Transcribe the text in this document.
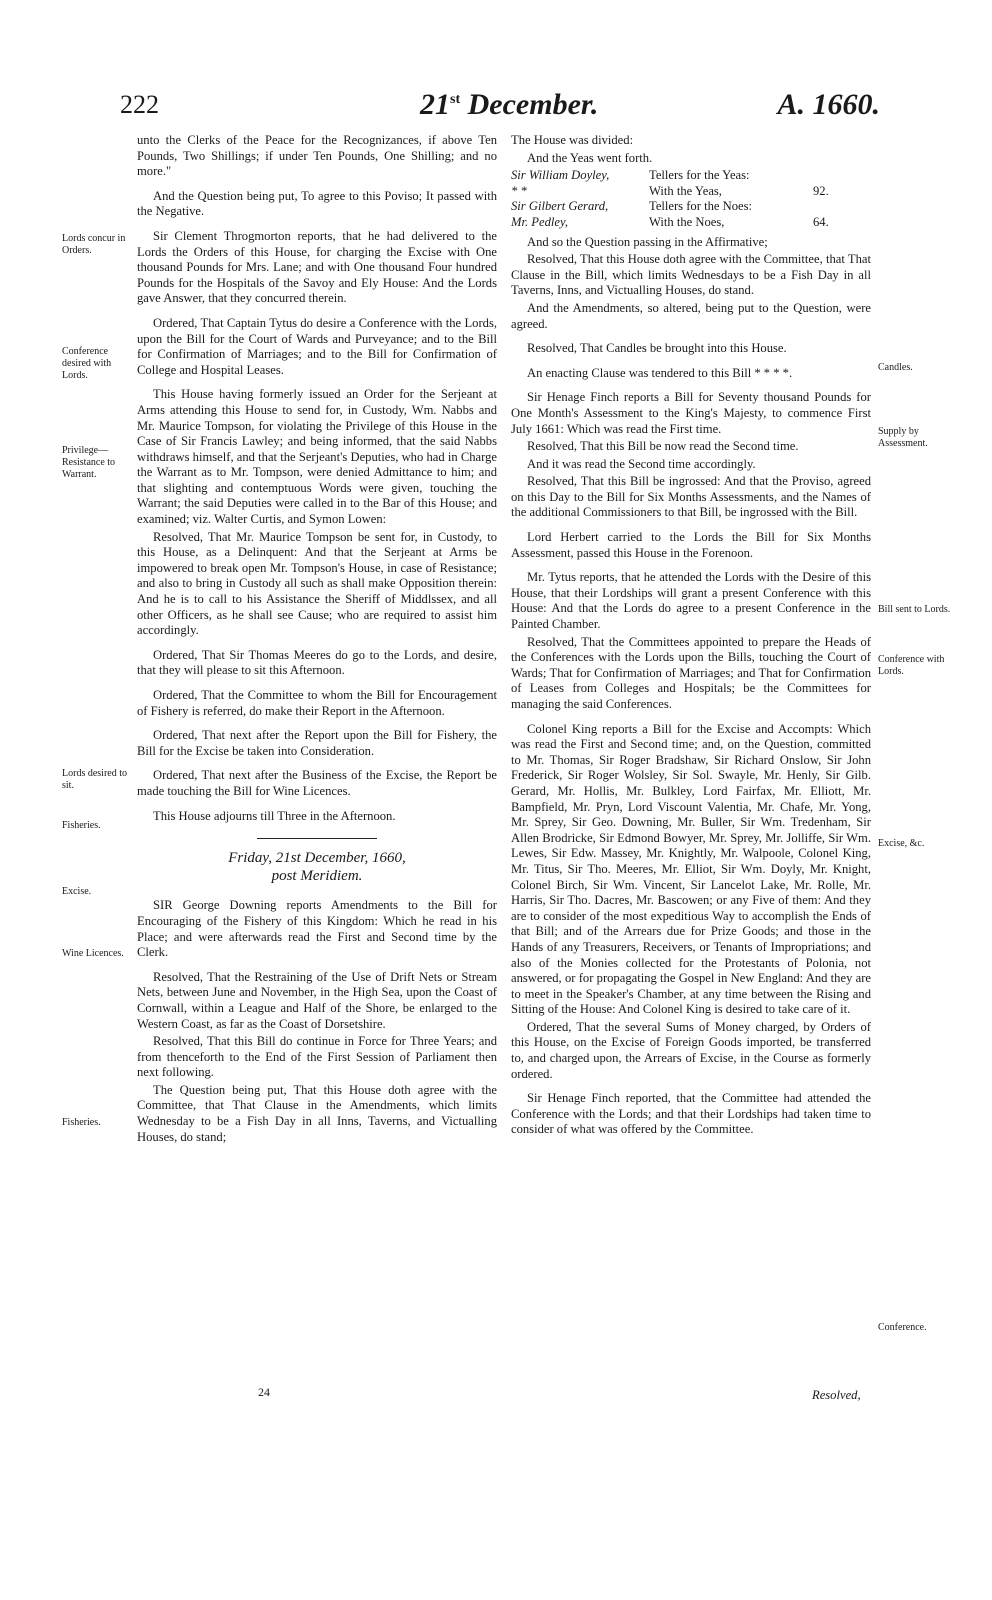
222	21st December.	A. 1660.
Lords concur in Orders.
Conference desired with Lords.
Privilege—Resistance to Warrant.
Lords desired to sit.
Fisheries.
Excise.
Wine Licences.
Fisheries.
Candles.
Supply by Assessment.
Bill sent to Lords.
Conference with Lords.
Excise, &c.
Conference.

unto the Clerks of the Peace for the Recognizances, if above Ten Pounds, Two Shillings; if under Ten Pounds, One Shilling; and no more."

And the Question being put, To agree to this Poviso; It passed with the Negative.

Sir Clement Throgmorton reports, that he had delivered to the Lords the Orders of this House, for charging the Excise with One thousand Pounds for Mrs. Lane; and with One thousand Four hundred Pounds for the Hospitals of the Savoy and Ely House: And the Lords gave Answer, that they concurred therein.

Ordered, That Captain Tytus do desire a Conference with the Lords, upon the Bill for the Court of Wards and Purveyance; and to the Bill for Confirmation of Marriages; and to the Bill for Confirmation of College and Hospital Leases.

This House having formerly issued an Order for the Serjeant at Arms attending this House to send for, in Custody, Wm. Nabbs and Mr. Maurice Tompson, for violating the Privilege of this House in the Case of Sir Francis Lawley; and being informed, that the said Nabbs withdraws himself, and that the Serjeant's Deputies, who had in Charge the Warrant as to Mr. Tompson, were denied Admittance to him; and that slighting and contemptuous Words were given, touching the Warrant; the said Deputies were called in to the Bar of this House; and examined; viz. Walter Curtis, and Symon Lowen:

Resolved, That Mr. Maurice Tompson be sent for, in Custody, to this House, as a Delinquent: And that the Serjeant at Arms be impowered to break open Mr. Tompson's House, in case of Resistance; and also to bring in Custody all such as shall make Opposition therein: And he is to call to his Assistance the Sheriff of Middlssex, and all other Officers, as he shall see Cause; who are required to assist him accordingly.

Ordered, That Sir Thomas Meeres do go to the Lords, and desire, that they will please to sit this Afternoon.

Ordered, That the Committee to whom the Bill for Encouragement of Fishery is referred, do make their Report in the Afternoon.

Ordered, That next after the Report upon the Bill for Fishery, the Bill for the Excise be taken into Consideration.

Ordered, That next after the Business of the Excise, the Report be made touching the Bill for Wine Licences.

This House adjourns till Three in the Afternoon.

Friday, 21st December, 1660,

post Meridiem.

SIR George Downing reports Amendments to the Bill for Encouraging of the Fishery of this Kingdom: Which he read in his Place; and were afterwards read the First and Second time by the Clerk.

Resolved, That the Restraining of the Use of Drift Nets or Stream Nets, between June and November, in the High Sea, upon the Coast of Cornwall, within a League and Half of the Shore, be enlarged to the Western Coast, as far as the Coast of Dorsetshire.

Resolved, That this Bill do continue in Force for Three Years; and from thenceforth to the End of the First Session of Parliament then next following.

The Question being put, That this House doth agree with the Committee, that That Clause in the Amendments, which limits Wednesday to be a Fish Day in all Inns, Taverns, and Victualling Houses, do stand;

The House was divided:

And the Yeas went forth.

Sir William Doyley,	Tellers for the Yeas:
* *	With the Yeas,	92.
Sir Gilbert Gerard,	Tellers for the Noes:
Mr. Pedley,	With the Noes,	64.

And so the Question passing in the Affirmative;

Resolved, That this House doth agree with the Committee, that That Clause in the Bill, which limits Wednesdays to be a Fish Day in all Taverns, Inns, and Victualling Houses, do stand.

And the Amendments, so altered, being put to the Question, were agreed.

Resolved, That Candles be brought into this House.

An enacting Clause was tendered to this Bill * * * *.

Sir Henage Finch reports a Bill for Seventy thousand Pounds for One Month's Assessment to the King's Majesty, to commence First July 1661: Which was read the First time.

Resolved, That this Bill be now read the Second time.

And it was read the Second time accordingly.

Resolved, That this Bill be ingrossed: And that the Proviso, agreed on this Day to the Bill for Six Months Assessments, and the Names of the additional Commissioners to that Bill, be ingrossed with the Bill.

Lord Herbert carried to the Lords the Bill for Six Months Assessment, passed this House in the Forenoon.

Mr. Tytus reports, that he attended the Lords with the Desire of this House, that their Lordships will grant a present Conference with this House: And that the Lords do agree to a present Conference in the Painted Chamber.

Resolved, That the Committees appointed to prepare the Heads of the Conferences with the Lords upon the Bills, touching the Court of Wards; That for Confirmation of Marriages; and That for Confirmation of Leases from Colleges and Hospitals; be the Committees for managing the said Conferences.

Colonel King reports a Bill for the Excise and Accompts: Which was read the First and Second time; and, on the Question, committed to Mr. Thomas, Sir Roger Bradshaw, Sir Richard Onslow, Sir John Frederick, Sir Roger Wolsley, Sir Sol. Swayle, Mr. Henly, Sir Gilb. Gerard, Mr. Hollis, Mr. Bulkley, Lord Fairfax, Mr. Elliott, Mr. Bampfield, Mr. Pryn, Lord Viscount Valentia, Mr. Chafe, Mr. Yong, Mr. Sprey, Sir Geo. Downing, Mr. Buller, Sir Wm. Tredenham, Sir Allen Brodricke, Sir Edmond Bowyer, Mr. Sprey, Mr. Jolliffe, Sir Wm. Lewes, Sir Edw. Massey, Mr. Knightly, Mr. Walpoole, Colonel King, Mr. Titus, Sir Tho. Meeres, Mr. Elliot, Sir Wm. Doyly, Mr. Knight, Colonel Birch, Sir Wm. Vincent, Sir Lancelot Lake, Mr. Rolle, Mr. Harris, Sir Tho. Dacres, Mr. Bascowen; or any Five of them: And they are to consider of the most expeditious Way to accomplish the Ends of that Bill; and of the Arrears due for Prize Goods; and those in the Hands of any Treasurers, Receivers, or Tenants of Impropriations; and also of the Monies collected for the Protestants of Polonia, not answered, or for propagating the Gospel in New England: And they are to meet in the Speaker's Chamber, at any time between the Rising and Sitting of the House: And Colonel King is desired to take care of it.

Ordered, That the several Sums of Money charged, by Orders of this House, on the Excise of Foreign Goods imported, be transferred to, and charged upon, the Arrears of Excise, in the Course as formerly ordered.

Sir Henage Finch reported, that the Committee had attended the Conference with the Lords; and that their Lordships had taken time to consider of what was offered by the Committee.

24	Resolved,
